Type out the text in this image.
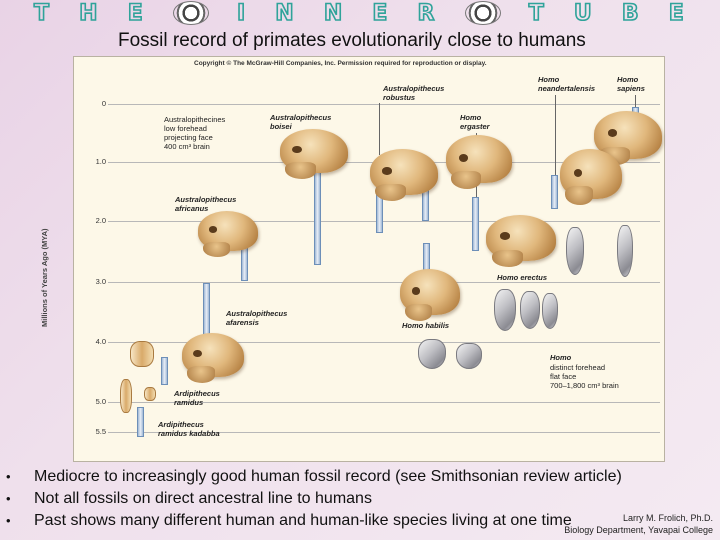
T H E	I N N E R	T U B E
Fossil record of primates evolutionarily close to humans
Copyright © The McGraw-Hill Companies, Inc. Permission required for reproduction or display.
Millions of Years Ago (MYA)
0
1.0
2.0
3.0
4.0
5.0
5.5
Australopithecines
low forehead
projecting face
400 cm³ brain
distinct forehead
flat face
700–1,800 cm³ brain
Homo
neandertalensis
Homo
sapiens
Australopithecus
robustus
Australopithecus
boisei
Homo
ergaster
Australopithecus
africanus
Homo erectus
Australopithecus
afarensis	Homo habilis
Homo
Ardipithecus
ramidus
Ardipithecus
ramidus kadabba
• Mediocre to increasingly good human fossil record (see Smithsonian review article)
• Not all fossils on direct ancestral line to humans
• Past shows many different human and human-like species living at one time	Larry M. Frolich, Ph.D.
Biology Department, Yavapai College
